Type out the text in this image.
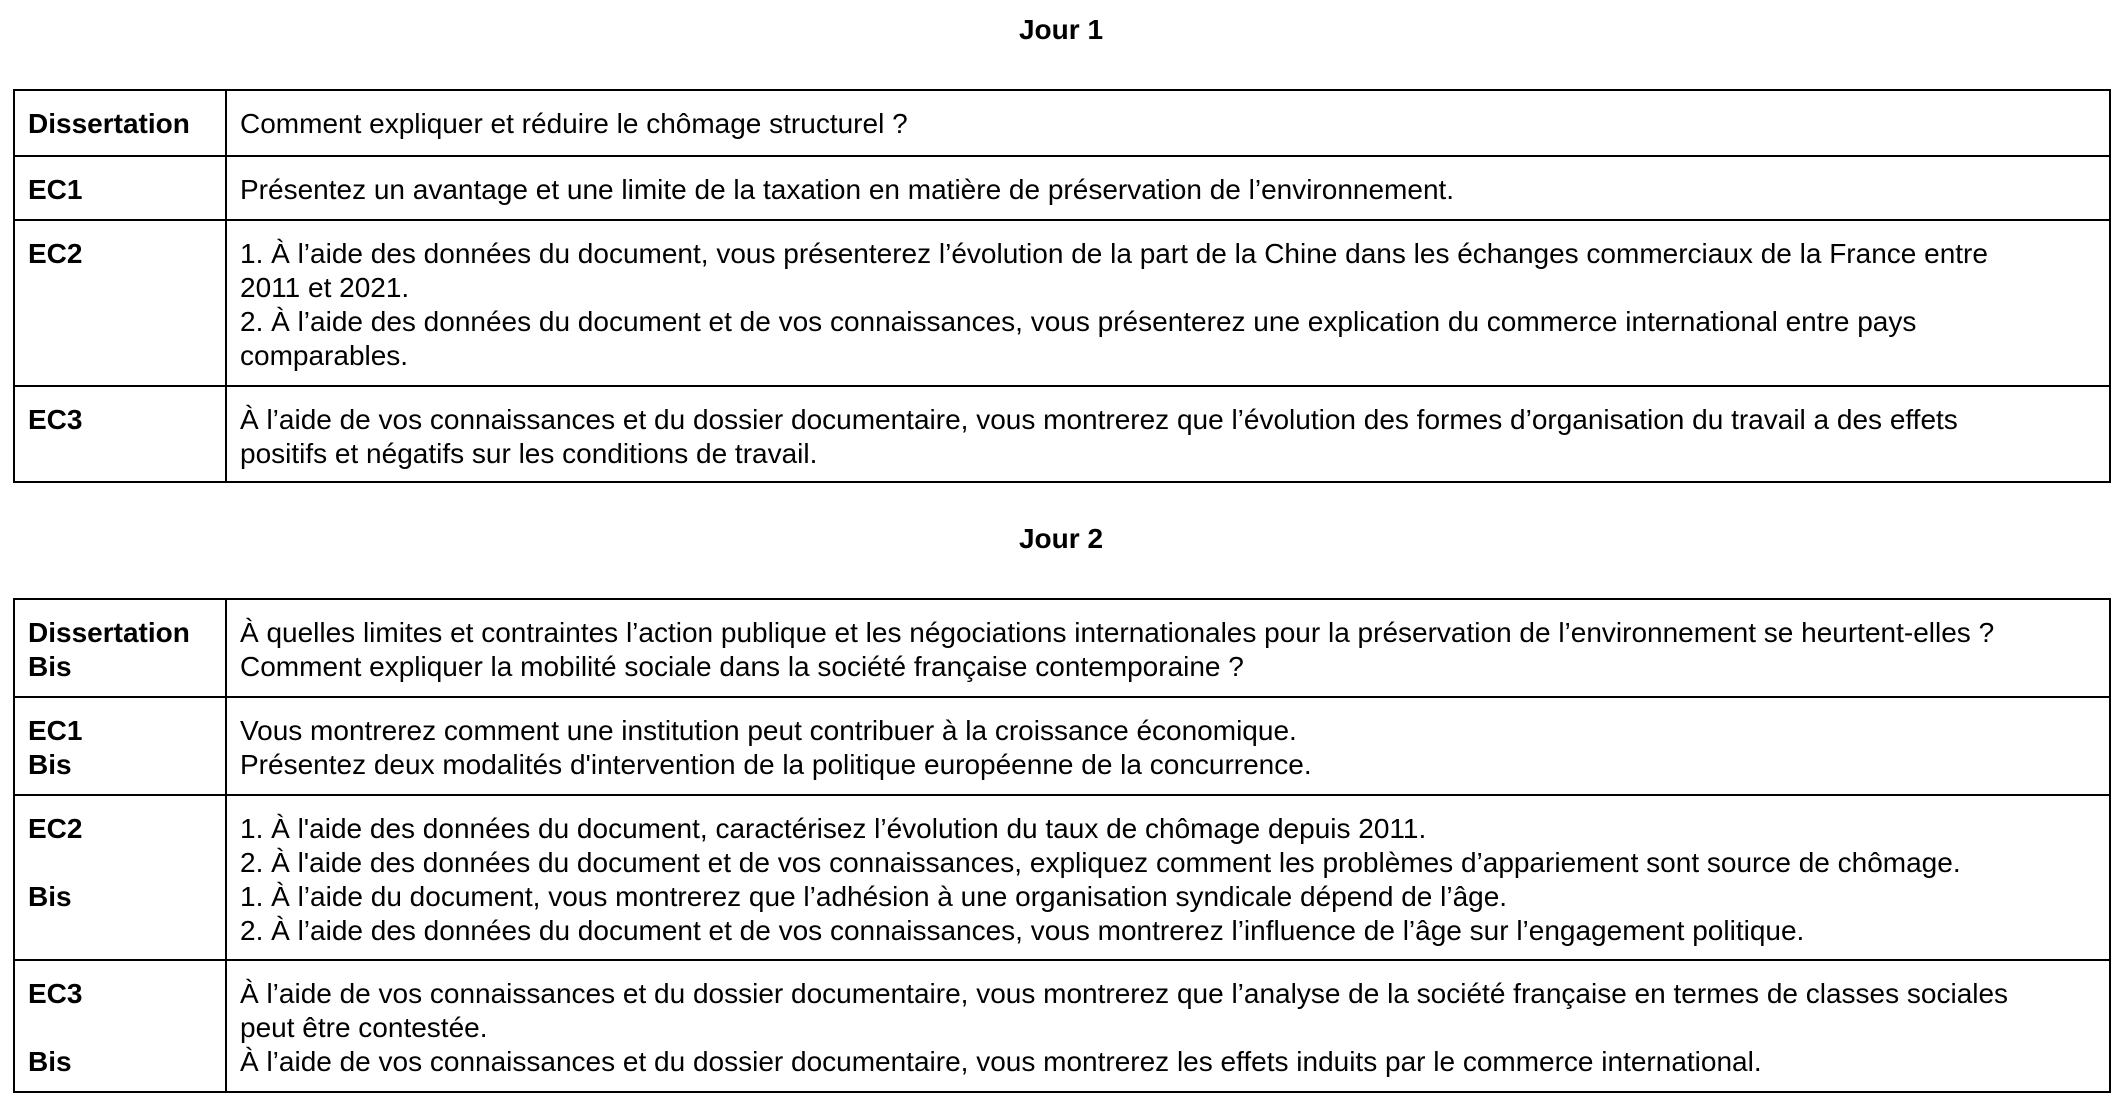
Jour 1
Dissertation	Comment expliquer et réduire le chômage structurel ?

EC1	Présentez un avantage et une limite de la taxation en matière de préservation de l’environnement.

EC2	1. À l’aide des données du document, vous présenterez l’évolution de la part de la Chine dans les échanges commerciaux de la France entre
2011 et 2021.
2. À l’aide des données du document et de vos connaissances, vous présenterez une explication du commerce international entre pays
comparables.

EC3	À l’aide de vos connaissances et du dossier documentaire, vous montrerez que l’évolution des formes d’organisation du travail a des effets
positifs et négatifs sur les conditions de travail.
Jour 2
Dissertation
Bis	À quelles limites et contraintes l’action publique et les négociations internationales pour la préservation de l’environnement se heurtent-elles ?
Comment expliquer la mobilité sociale dans la société française contemporaine ?

EC1
Bis	Vous montrerez comment une institution peut contribuer à la croissance économique.
Présentez deux modalités d'intervention de la politique européenne de la concurrence.

EC2
Bis	1. À l'aide des données du document, caractérisez l’évolution du taux de chômage depuis 2011.
2. À l'aide des données du document et de vos connaissances, expliquez comment les problèmes d’appariement sont source de chômage.
1. À l’aide du document, vous montrerez que l’adhésion à une organisation syndicale dépend de l’âge.
2. À l’aide des données du document et de vos connaissances, vous montrerez l’influence de l’âge sur l’engagement politique.

EC3
Bis	À l’aide de vos connaissances et du dossier documentaire, vous montrerez que l’analyse de la société française en termes de classes sociales
peut être contestée.
À l’aide de vos connaissances et du dossier documentaire, vous montrerez les effets induits par le commerce international.
